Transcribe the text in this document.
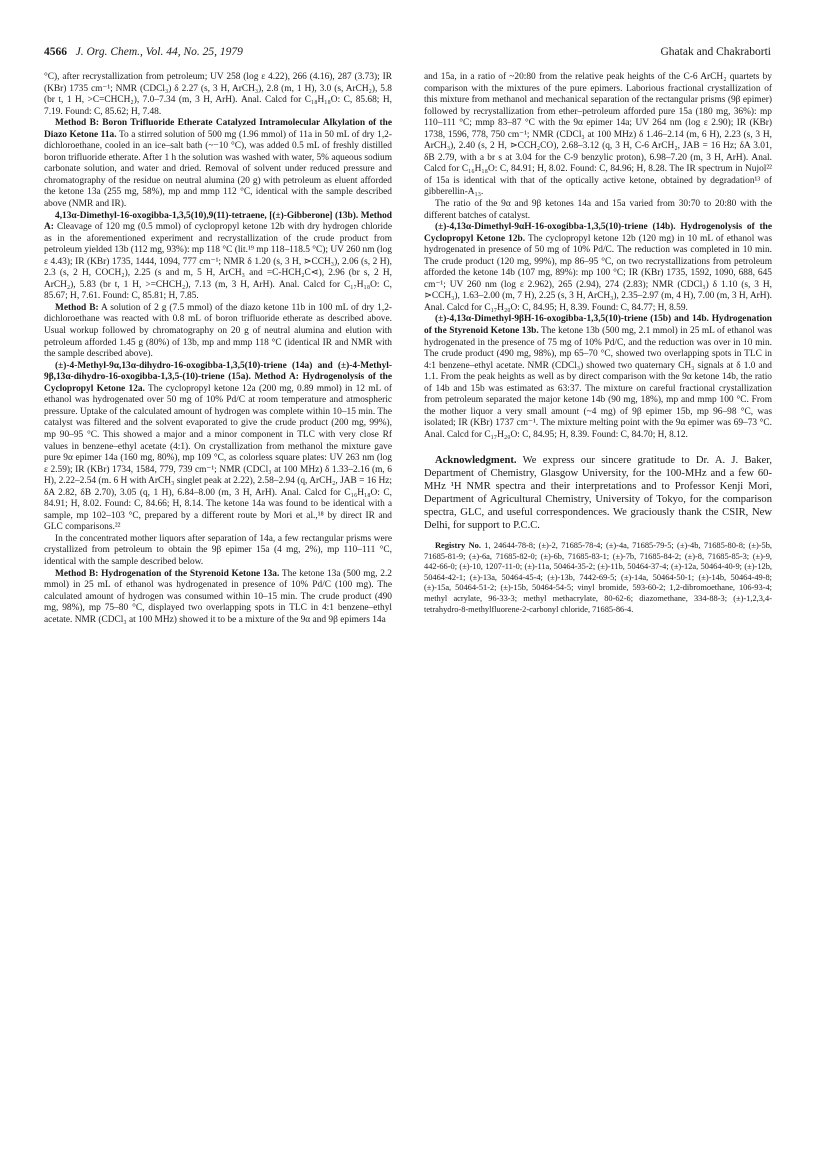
4566 J. Org. Chem., Vol. 44, No. 25, 1979	Ghatak and Chakraborti

°C), after recrystallization from petroleum; UV 258 (log ε 4.22), 266 (4.16), 287 (3.73); IR (KBr) 1735 cm⁻¹; NMR (CDCl₃) δ 2.27 (s, 3 H, ArCH₃), 2.8 (m, 1 H), 3.0 (s, ArCH₂), 5.8 (br t, 1 H, >C=CHCH₂), 7.0–7.34 (m, 3 H, ArH). Anal. Calcd for C₁₈H₁₈O: C, 85.68; H, 7.19. Found: C, 85.62; H, 7.48.

Method B: Boron Trifluoride Etherate Catalyzed Intramolecular Alkylation of the Diazo Ketone 11a. To a stirred solution of 500 mg (1.96 mmol) of 11a in 50 mL of dry 1,2-dichloroethane, cooled in an ice–salt bath (~−10 °C), was added 0.5 mL of freshly distilled boron trifluoride etherate. After 1 h the solution was washed with water, 5% aqueous sodium carbonate solution, and water and dried. Removal of solvent under reduced pressure and chromatography of the residue on neutral alumina (20 g) with petroleum as eluent afforded the ketone 13a (255 mg, 58%), mp and mmp 112 °C, identical with the sample described above (NMR and IR).

4,13α-Dimethyl-16-oxogibba-1,3,5(10),9(11)-tetraene, [(±)-Gibberone] (13b). Method A: Cleavage of 120 mg (0.5 mmol) of cyclopropyl ketone 12b with dry hydrogen chloride as in the aforementioned experiment and recrystallization of the crude product from petroleum yielded 13b (112 mg, 93%): mp 118 °C (lit.¹⁹ mp 118–118.5 °C); UV 260 nm (log ε 4.43); IR (KBr) 1735, 1444, 1094, 777 cm⁻¹; NMR δ 1.20 (s, 3 H, ⋗CCH₃), 2.06 (s, 2 H), 2.3 (s, 2 H, COCH₂), 2.25 (s and m, 5 H, ArCH₃ and =C-HCH₂C⋖), 2.96 (br s, 2 H, ArCH₂), 5.83 (br t, 1 H, >=CHCH₂), 7.13 (m, 3 H, ArH). Anal. Calcd for C₁₇H₁₈O: C, 85.67; H, 7.61. Found: C, 85.81; H, 7.85.

Method B: A solution of 2 g (7.5 mmol) of the diazo ketone 11b in 100 mL of dry 1,2-dichloroethane was reacted with 0.8 mL of boron trifluoride etherate as described above. Usual workup followed by chromatography on 20 g of neutral alumina and elution with petroleum afforded 1.45 g (80%) of 13b, mp and mmp 118 °C (identical IR and NMR with the sample described above).

(±)-4-Methyl-9α,13α-dihydro-16-oxogibba-1,3,5(10)-triene (14a) and (±)-4-Methyl-9β,13α-dihydro-16-oxogibba-1,3,5-(10)-triene (15a). Method A: Hydrogenolysis of the Cyclopropyl Ketone 12a. The cyclopropyl ketone 12a (200 mg, 0.89 mmol) in 12 mL of ethanol was hydrogenated over 50 mg of 10% Pd/C at room temperature and atmospheric pressure. Uptake of the calculated amount of hydrogen was complete within 10–15 min. The catalyst was filtered and the solvent evaporated to give the crude product (200 mg, 99%), mp 90–95 °C. This showed a major and a minor component in TLC with very close Rf values in benzene–ethyl acetate (4:1). On crystallization from methanol the mixture gave pure 9α epimer 14a (160 mg, 80%), mp 109 °C, as colorless square plates: UV 263 nm (log ε 2.59); IR (KBr) 1734, 1584, 779, 739 cm⁻¹; NMR (CDCl₃ at 100 MHz) δ 1.33–2.16 (m, 6 H), 2.22–2.54 (m. 6 H with ArCH₃ singlet peak at 2.22), 2.58–2.94 (q, ArCH₂, JAB = 16 Hz; δA 2.82, δB 2.70), 3.05 (q, 1 H), 6.84–8.00 (m, 3 H, ArH). Anal. Calcd for C₁₆H₁₈O: C, 84.91; H, 8.02. Found: C, 84.66; H, 8.14. The ketone 14a was found to be identical with a sample, mp 102–103 °C, prepared by a different route by Mori et al.,¹⁸ by direct IR and GLC comparisons.²²

In the concentrated mother liquors after separation of 14a, a few rectangular prisms were crystallized from petroleum to obtain the 9β epimer 15a (4 mg, 2%), mp 110–111 °C, identical with the sample described below.

Method B: Hydrogenation of the Styrenoid Ketone 13a. The ketone 13a (500 mg, 2.2 mmol) in 25 mL of ethanol was hydrogenated in presence of 10% Pd/C (100 mg). The calculated amount of hydrogen was consumed within 10–15 min. The crude product (490 mg, 98%), mp 75–80 °C, displayed two overlapping spots in TLC in 4:1 benzene–ethyl acetate. NMR (CDCl₃ at 100 MHz) showed it to be a mixture of the 9α and 9β epimers 14a

and 15a, in a ratio of ~20:80 from the relative peak heights of the C-6 ArCH₂ quartets by comparison with the mixtures of the pure epimers. Laborious fractional crystallization of this mixture from methanol and mechanical separation of the rectangular prisms (9β epimer) followed by recrystallization from ether–petroleum afforded pure 15a (180 mg, 36%): mp 110–111 °C; mmp 83–87 °C with the 9α epimer 14a; UV 264 nm (log ε 2.90); IR (KBr) 1738, 1596, 778, 750 cm⁻¹; NMR (CDCl₃ at 100 MHz) δ 1.46–2.14 (m, 6 H), 2.23 (s, 3 H, ArCH₃), 2.40 (s, 2 H, ⋗CCH₂CO), 2.68–3.12 (q, 3 H, C-6 ArCH₂, JAB = 16 Hz; δA 3.01, δB 2.79, with a br s at 3.04 for the C-9 benzylic proton), 6.98–7.20 (m, 3 H, ArH). Anal. Calcd for C₁₆H₁₈O: C, 84.91; H, 8.02. Found: C, 84.96; H, 8.28. The IR spectrum in Nujol²² of 15a is identical with that of the optically active ketone, obtained by degradation¹³ of gibberellin-A₁₃.

The ratio of the 9α and 9β ketones 14a and 15a varied from 30:70 to 20:80 with the different batches of catalyst.

(±)-4,13α-Dimethyl-9αH-16-oxogibba-1,3,5(10)-triene (14b). Hydrogenolysis of the Cyclopropyl Ketone 12b. The cyclopropyl ketone 12b (120 mg) in 10 mL of ethanol was hydrogenated in presence of 50 mg of 10% Pd/C. The reduction was completed in 10 min. The crude product (120 mg, 99%), mp 86–95 °C, on two recrystallizations from petroleum afforded the ketone 14b (107 mg, 89%): mp 100 °C; IR (KBr) 1735, 1592, 1090, 688, 645 cm⁻¹; UV 260 nm (log ε 2.962), 265 (2.94), 274 (2.83); NMR (CDCl₃) δ 1.10 (s, 3 H, ⋗CCH₃), 1.63–2.00 (m, 7 H), 2.25 (s, 3 H, ArCH₃), 2.35–2.97 (m, 4 H), 7.00 (m, 3 H, ArH). Anal. Calcd for C₁₇H₂₀O: C, 84.95; H, 8.39. Found: C, 84.77; H, 8.59.

(±)-4,13α-Dimethyl-9βH-16-oxogibba-1,3,5(10)-triene (15b) and 14b. Hydrogenation of the Styrenoid Ketone 13b. The ketone 13b (500 mg, 2.1 mmol) in 25 mL of ethanol was hydrogenated in the presence of 75 mg of 10% Pd/C, and the reduction was over in 10 min. The crude product (490 mg, 98%), mp 65–70 °C, showed two overlapping spots in TLC in 4:1 benzene–ethyl acetate. NMR (CDCl₃) showed two quaternary CH₃ signals at δ 1.0 and 1.1. From the peak heights as well as by direct comparison with the 9α ketone 14b, the ratio of 14b and 15b was estimated as 63:37. The mixture on careful fractional crystallization from petroleum separated the major ketone 14b (90 mg, 18%), mp and mmp 100 °C. From the mother liquor a very small amount (~4 mg) of 9β epimer 15b, mp 96–98 °C, was isolated; IR (KBr) 1737 cm⁻¹. The mixture melting point with the 9α epimer was 69–73 °C. Anal. Calcd for C₁₇H₂₀O: C, 84.95; H, 8.39. Found: C, 84.70; H, 8.12.

Acknowledgment. We express our sincere gratitude to Dr. A. J. Baker, Department of Chemistry, Glasgow University, for the 100-MHz and a few 60-MHz ¹H NMR spectra and their interpretations and to Professor Kenji Mori, Department of Agricultural Chemistry, University of Tokyo, for the comparison spectra, GLC, and useful correspondences. We graciously thank the CSIR, New Delhi, for support to P.C.C.

Registry No. 1, 24644-78-8; (±)-2, 71685-78-4; (±)-4a, 71685-79-5; (±)-4b, 71685-80-8; (±)-5b, 71685-81-9; (±)-6a, 71685-82-0; (±)-6b, 71685-83-1; (±)-7b, 71685-84-2; (±)-8, 71685-85-3; (±)-9, 442-66-0; (±)-10, 1207-11-0; (±)-11a, 50464-35-2; (±)-11b, 50464-37-4; (±)-12a, 50464-40-9; (±)-12b, 50464-42-1; (±)-13a, 50464-45-4; (±)-13b, 7442-69-5; (±)-14a, 50464-50-1; (±)-14b, 50464-49-8; (±)-15a, 50464-51-2; (±)-15b, 50464-54-5; vinyl bromide, 593-60-2; 1,2-dibromoethane, 106-93-4; methyl acrylate, 96-33-3; methyl methacrylate, 80-62-6; diazomethane, 334-88-3; (±)-1,2,3,4-tetrahydro-8-methylfluorene-2-carbonyl chloride, 71685-86-4.
